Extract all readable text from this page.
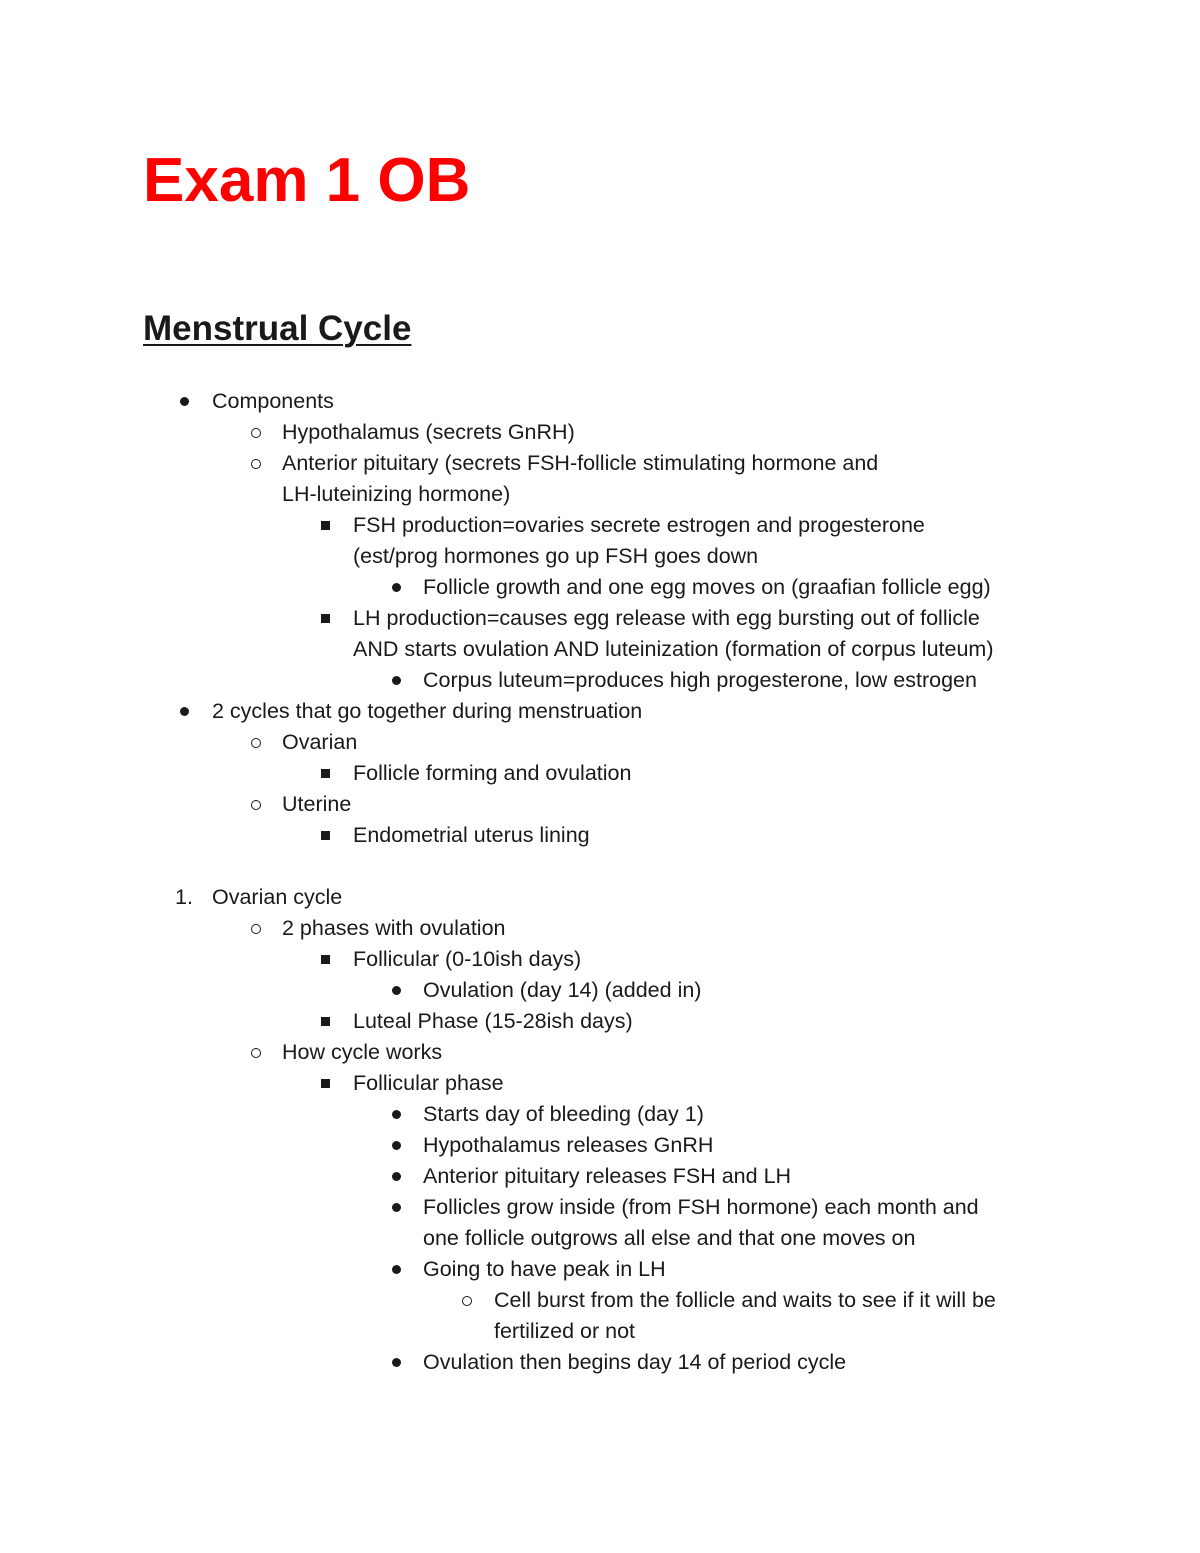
Exam 1 OB
Menstrual Cycle
Components
Hypothalamus (secrets GnRH)
Anterior pituitary (secrets FSH-follicle stimulating hormone and
LH-luteinizing hormone)
FSH production=ovaries secrete estrogen and progesterone
(est/prog hormones go up FSH goes down
Follicle growth and one egg moves on (graafian follicle egg)
LH production=causes egg release with egg bursting out of follicle
AND starts ovulation AND luteinization (formation of corpus luteum)
Corpus luteum=produces high progesterone, low estrogen
2 cycles that go together during menstruation
Ovarian
Follicle forming and ovulation
Uterine
Endometrial uterus lining
1. Ovarian cycle
2 phases with ovulation
Follicular (0-10ish days)
Ovulation (day 14) (added in)
Luteal Phase (15-28ish days)
How cycle works
Follicular phase
Starts day of bleeding (day 1)
Hypothalamus releases GnRH
Anterior pituitary releases FSH and LH
Follicles grow inside (from FSH hormone) each month and
one follicle outgrows all else and that one moves on
Going to have peak in LH
Cell burst from the follicle and waits to see if it will be
fertilized or not
Ovulation then begins day 14 of period cycle
